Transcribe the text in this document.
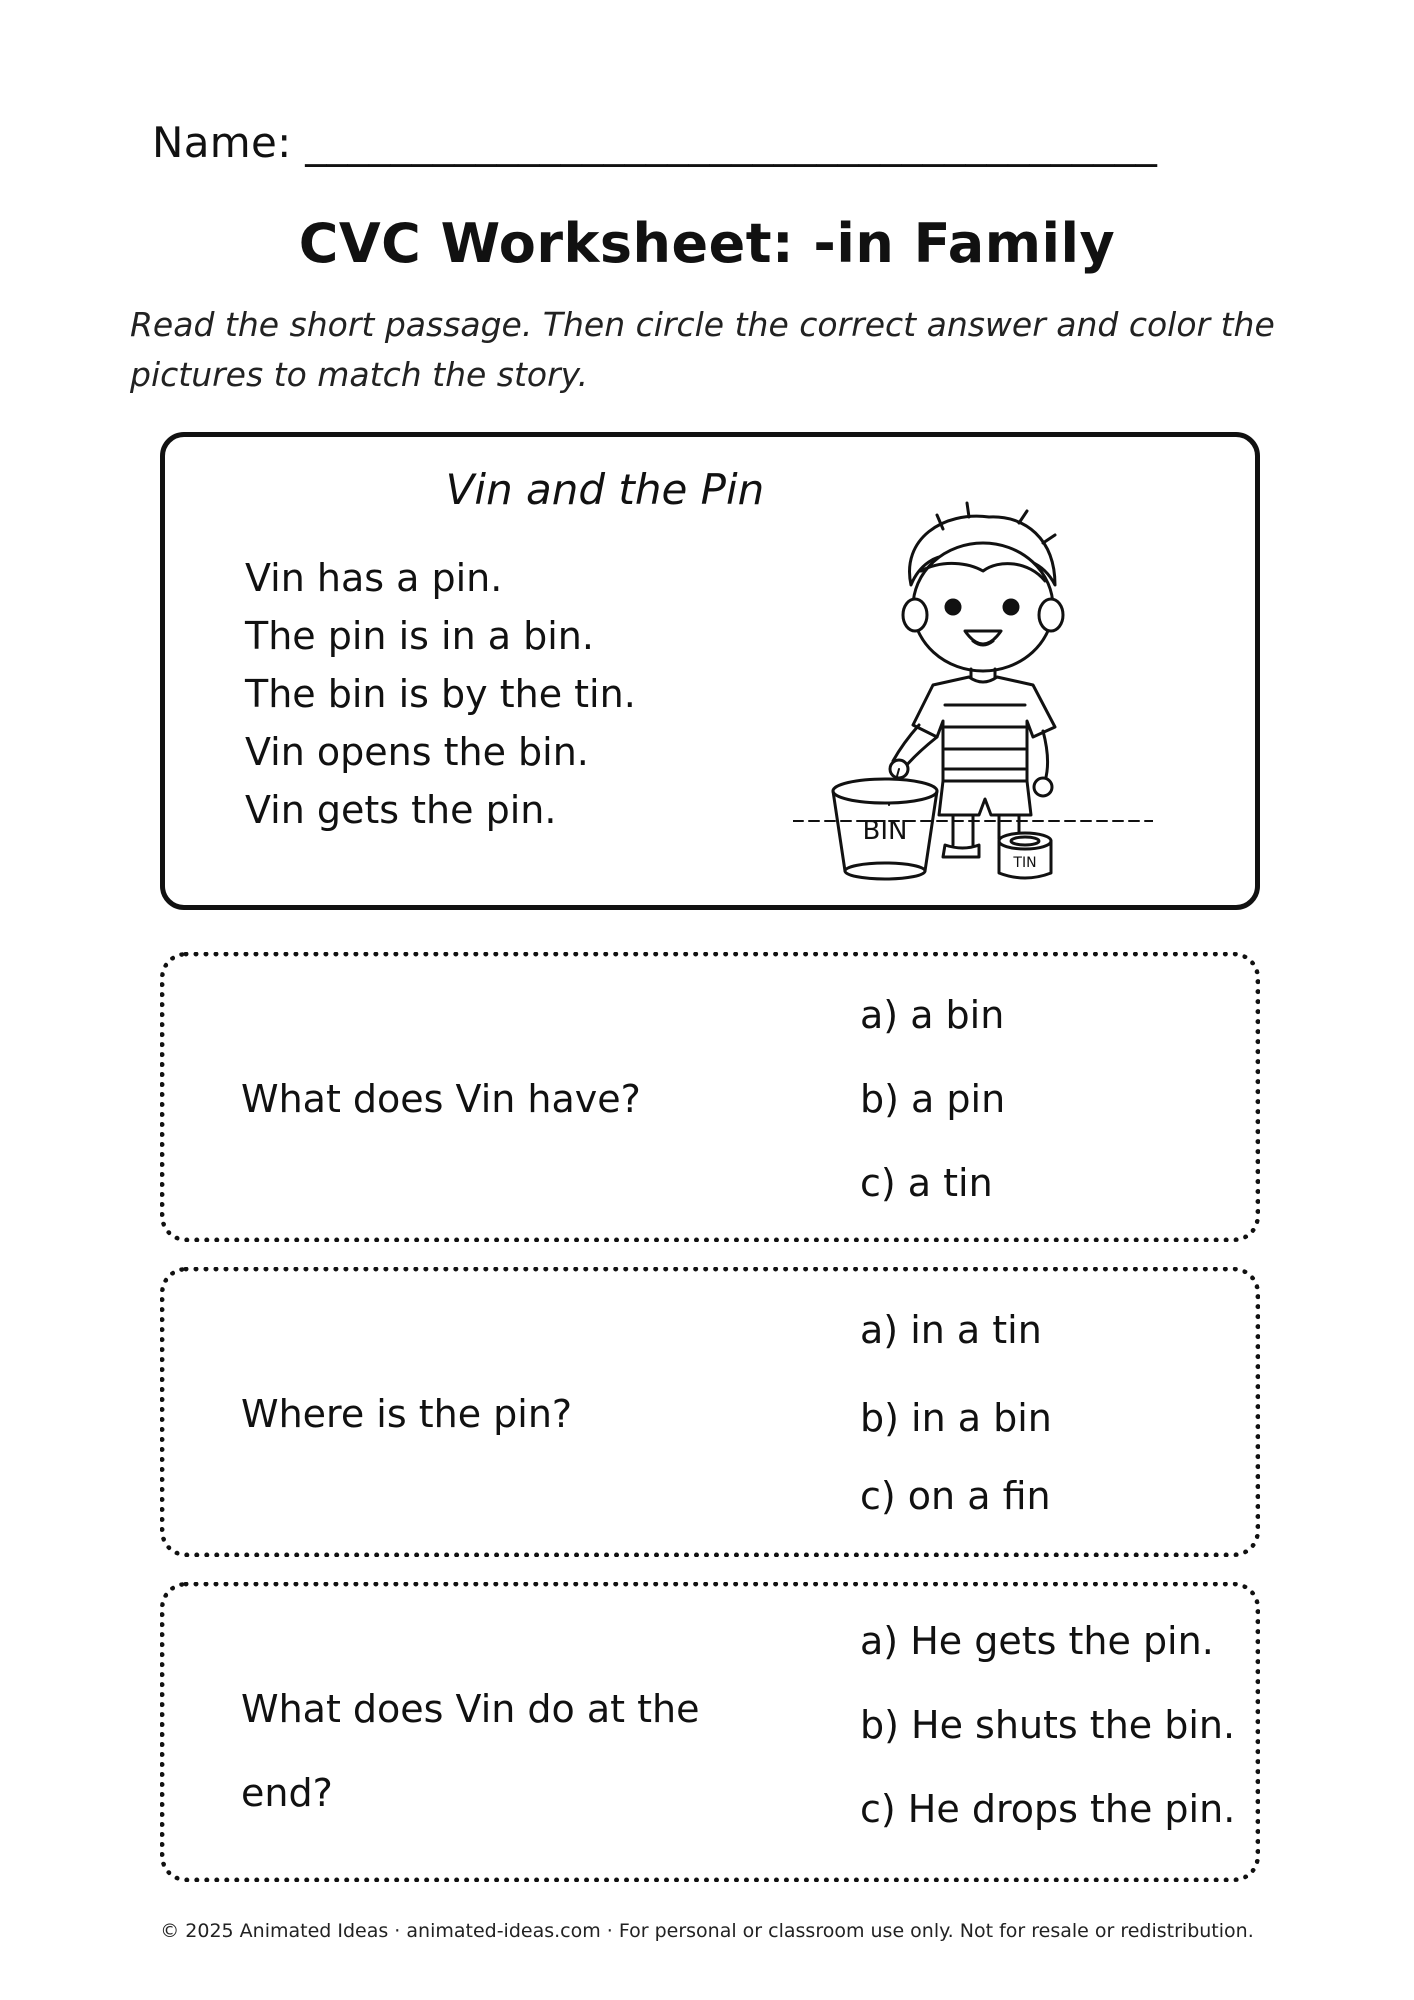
Name: ________________________________________
CVC Worksheet: -in Family
Read the short passage. Then circle the correct answer and color the pictures to match the story.
Vin and the Pin
Vin has a pin.
The pin is in a bin.
The bin is by the tin.
Vin opens the bin.
Vin gets the pin.	BIN
TIN
What does Vin have?
a) a bin
b) a pin
c) a tin
Where is the pin?
a) in a tin
b) in a bin
c) on a fin
What does Vin do at the end?
a) He gets the pin.
b) He shuts the bin.
c) He drops the pin.
© 2025 Animated Ideas · animated-ideas.com · For personal or classroom use only. Not for resale or redistribution.
